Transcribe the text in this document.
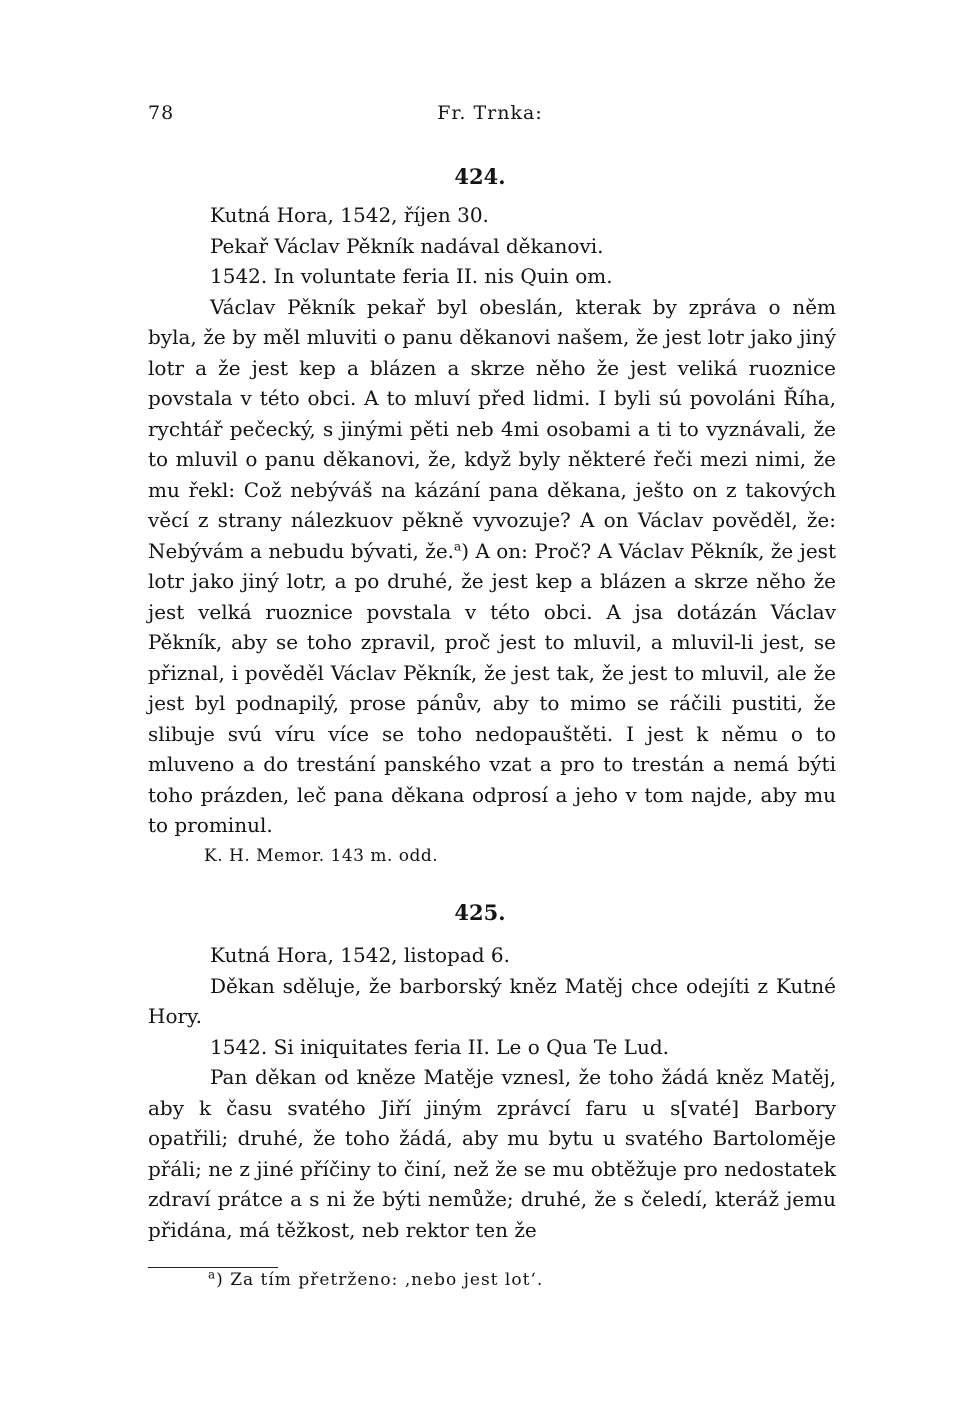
78	Fr. Trnka:
424.

Kutná Hora, 1542, říjen 30.

Pekař Václav Pěkník nadával děkanovi.

1542. In voluntate feria II. nis Quin om.

Václav Pěkník pekař byl obeslán, kterak by zpráva o něm byla, že by měl mluviti o panu děkanovi našem, že jest lotr jako jiný lotr a že jest kep a blázen a skrze něho že jest veliká ruoznice povstala v této obci. A to mluví před lidmi. I byli sú povoláni Říha, rychtář pečecký, s jinými pěti neb 4mi osobami a ti to vyznávali, že to mluvil o panu děkanovi, že, když byly některé řeči mezi nimi, že mu řekl: Což nebýváš na kázání pana děkana, ješto on z takových věcí z strany nálezkuov pěkně vyvozuje? A on Václav pověděl, že: Nebývám a nebudu bývati, že.$^a$) A on: Proč? A Václav Pěkník, že jest lotr jako jiný lotr, a po druhé, že jest kep a blázen a skrze něho že jest velká ruoznice povstala v této obci. A jsa dotázán Václav Pěkník, aby se toho zpravil, proč jest to mluvil, a mluvil-li jest, se přiznal, i pověděl Václav Pěkník, že jest tak, že jest to mluvil, ale že jest byl podnapilý, prose pánův, aby to mimo se ráčili pustiti, že slibuje svú víru více se toho nedopauštěti. I jest k němu o to mluveno a do trestání panského vzat a pro to trestán a nemá býti toho prázden, leč pana děkana odprosí a jeho v tom najde, aby mu to prominul.

K. H. Memor. 143 m. odd.
425.

Kutná Hora, 1542, listopad 6.

Děkan sděluje, že barborský kněz Matěj chce odejíti z Kutné Hory.

1542. Si iniquitates feria II. Le o Qua Te Lud.

Pan děkan od kněze Matěje vznesl, že toho žádá kněz Matěj, aby k času svatého Jiří jiným zprávcí faru u s[vaté] Barbory opatřili; druhé, že toho žádá, aby mu bytu u svatého Bartoloměje přáli; ne z jiné příčiny to činí, než že se mu obtěžuje pro nedostatek zdraví prátce a s ni že býti nemůže; druhé, že s čeledí, kteráž jemu přidána, má těžkost, neb rektor ten že

$^a$) Za tím přetrženo: ‚nebo jest lot‘.
